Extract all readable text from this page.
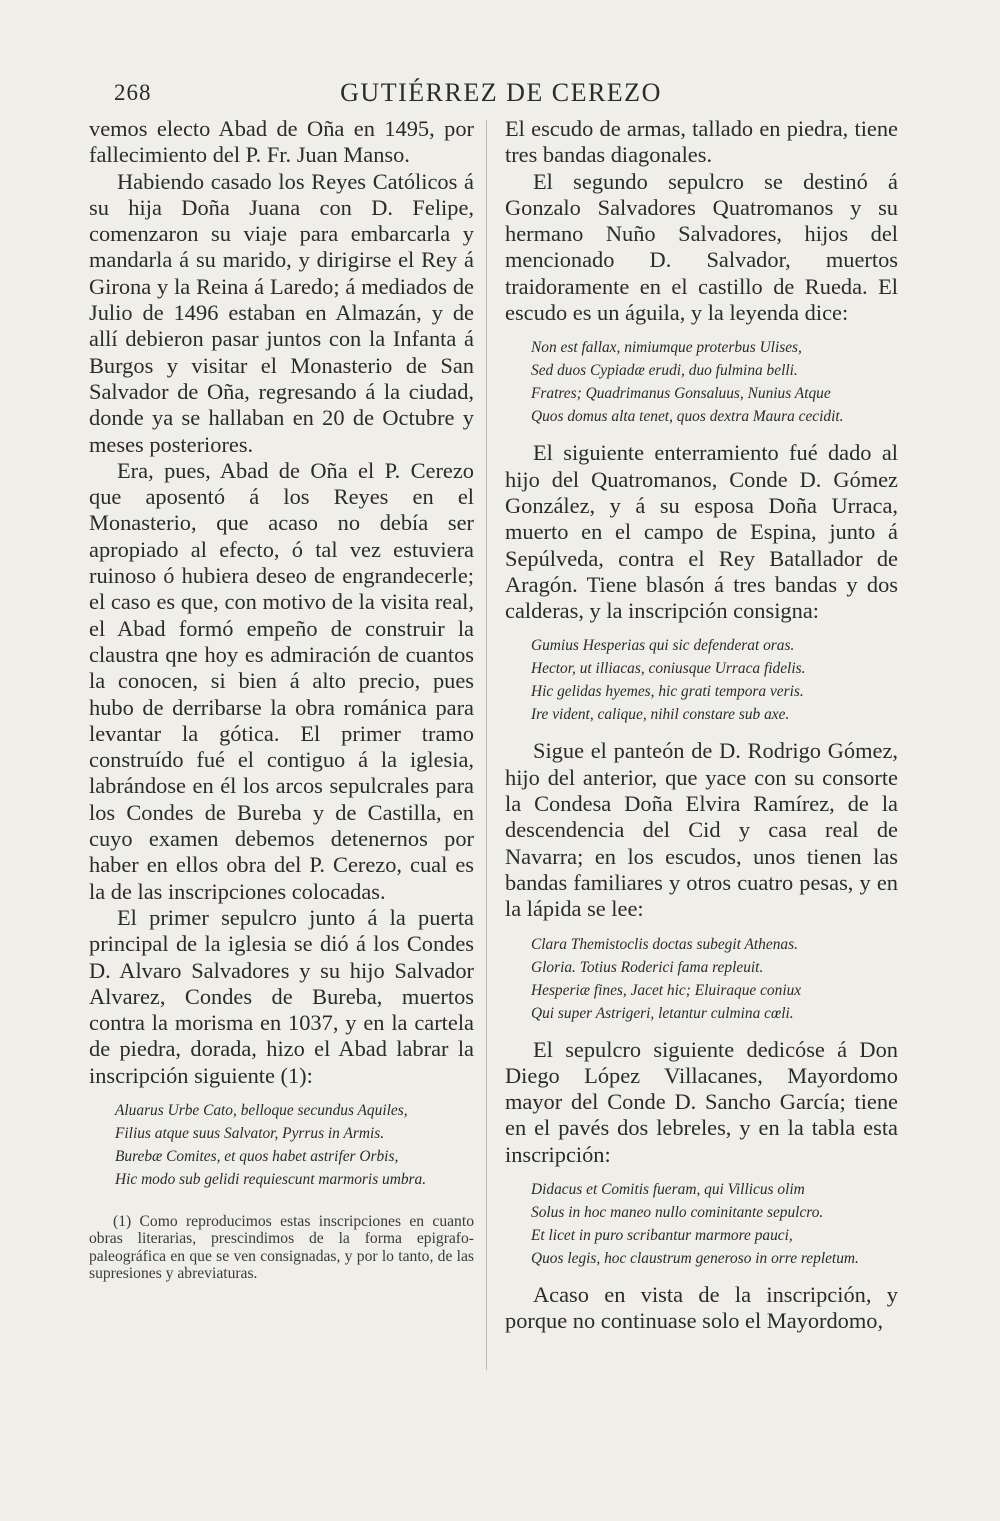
268	GUTIÉRREZ DE CEREZO

vemos electo Abad de Oña en 1495, por fallecimiento del P. Fr. Juan Manso.

Habiendo casado los Reyes Católicos á su hija Doña Juana con D. Felipe, comenzaron su viaje para embarcarla y mandarla á su marido, y dirigirse el Rey á Girona y la Reina á Laredo; á mediados de Julio de 1496 estaban en Almazán, y de allí debieron pasar juntos con la Infanta á Burgos y visitar el Monasterio de San Salvador de Oña, regresando á la ciudad, donde ya se hallaban en 20 de Octubre y meses posteriores.

Era, pues, Abad de Oña el P. Cerezo que aposentó á los Reyes en el Monasterio, que acaso no debía ser apropiado al efecto, ó tal vez estuviera ruinoso ó hubiera deseo de engrandecerle; el caso es que, con motivo de la visita real, el Abad formó empeño de construir la claustra qne hoy es admiración de cuantos la conocen, si bien á alto precio, pues hubo de derribarse la obra románica para levantar la gótica. El primer tramo construído fué el contiguo á la iglesia, labrándose en él los arcos sepulcrales para los Condes de Bureba y de Castilla, en cuyo examen debemos detenernos por haber en ellos obra del P. Cerezo, cual es la de las inscripciones colocadas.

El primer sepulcro junto á la puerta principal de la iglesia se dió á los Condes D. Alvaro Salvadores y su hijo Salvador Alvarez, Condes de Bureba, muertos contra la morisma en 1037, y en la cartela de piedra, dorada, hizo el Abad labrar la inscripción siguiente (1):

Aluarus Urbe Cato, belloque secundus Aquiles,
Filius atque suus Salvator, Pyrrus in Armis.
Burebæ Comites, et quos habet astrifer Orbis,
Hic modo sub gelidi requiescunt marmoris umbra.

(1) Como reproducimos estas inscripciones en cuanto obras literarias, prescindimos de la forma epigrafo-paleográfica en que se ven consignadas, y por lo tanto, de las supresiones y abreviaturas.

El escudo de armas, tallado en piedra, tiene tres bandas diagonales.

El segundo sepulcro se destinó á Gonzalo Salvadores Quatromanos y su hermano Nuño Salvadores, hijos del mencionado D. Salvador, muertos traidoramente en el castillo de Rueda. El escudo es un águila, y la leyenda dice:

Non est fallax, nimiumque proterbus Ulises,
Sed duos Cypiadæ erudi, duo fulmina belli.
Fratres; Quadrimanus Gonsaluus, Nunius Atque
Quos domus alta tenet, quos dextra Maura cecidit.

El siguiente enterramiento fué dado al hijo del Quatromanos, Conde D. Gómez González, y á su esposa Doña Urraca, muerto en el campo de Espina, junto á Sepúlveda, contra el Rey Batallador de Aragón. Tiene blasón á tres bandas y dos calderas, y la inscripción consigna:

Gumius Hesperias qui sic defenderat oras.
Hector, ut illiacas, coniusque Urraca fidelis.
Hic gelidas hyemes, hic grati tempora veris.
Ire vident, calique, nihil constare sub axe.

Sigue el panteón de D. Rodrigo Gómez, hijo del anterior, que yace con su consorte la Condesa Doña Elvira Ramírez, de la descendencia del Cid y casa real de Navarra; en los escudos, unos tienen las bandas familiares y otros cuatro pesas, y en la lápida se lee:

Clara Themistoclis doctas subegit Athenas.
Gloria. Totius Roderici fama repleuit.
Hesperiæ fines, Jacet hic; Eluiraque coniux
Qui super Astrigeri, letantur culmina cœli.

El sepulcro siguiente dedicóse á Don Diego López Villacanes, Mayordomo mayor del Conde D. Sancho García; tiene en el pavés dos lebreles, y en la tabla esta inscripción:

Didacus et Comitis fueram, qui Villicus olim
Solus in hoc maneo nullo cominitante sepulcro.
Et licet in puro scribantur marmore pauci,
Quos legis, hoc claustrum generoso in orre repletum.

Acaso en vista de la inscripción, y porque no continuase solo el Mayordomo,
